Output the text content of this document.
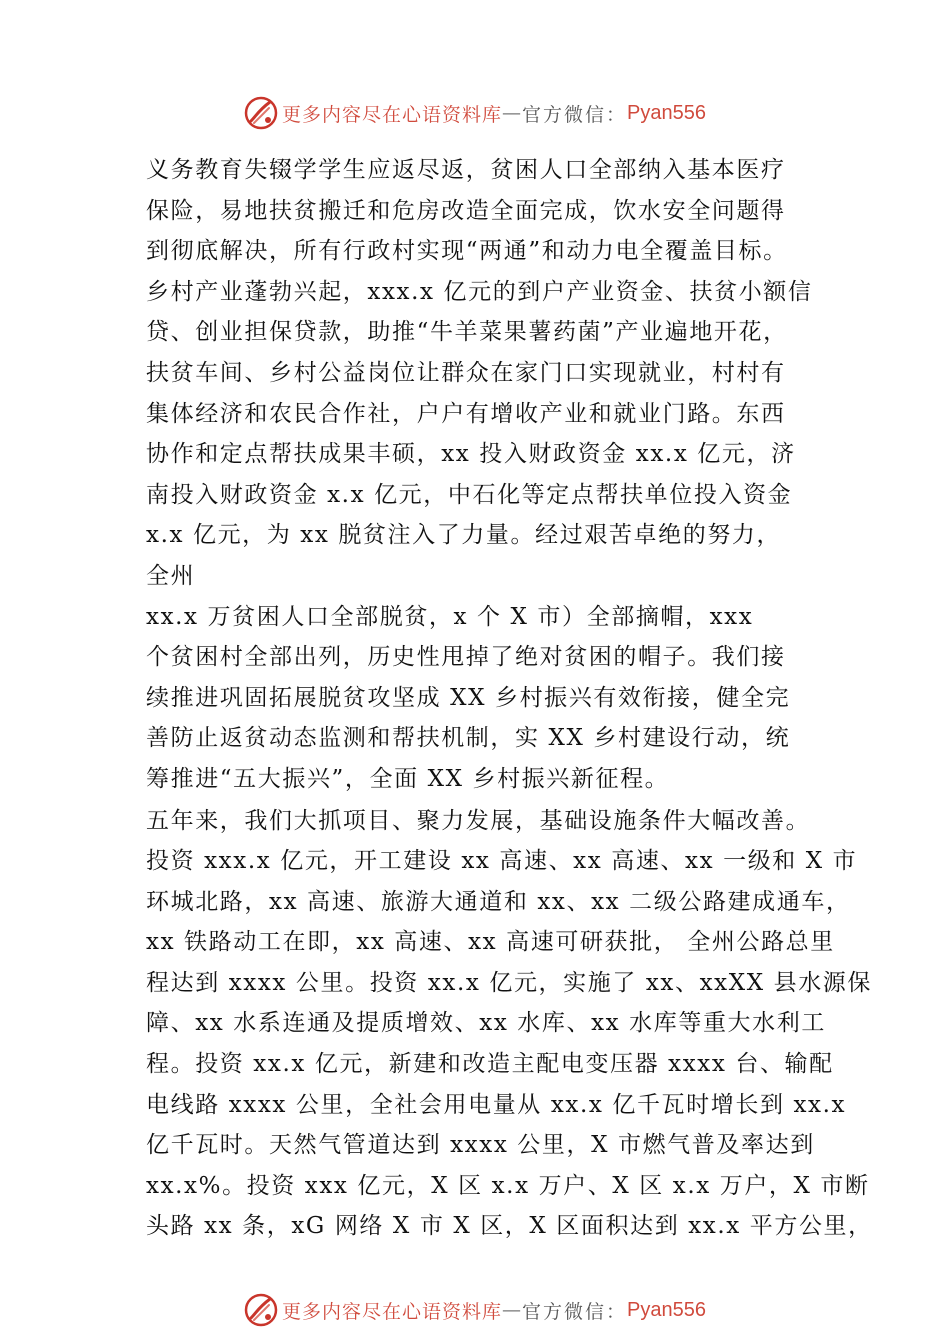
更多内容尽在心语资料库 — 官方微信： Pyan556
义务教育失辍学学生应返尽返，贫困人口全部纳入基本医疗
保险，易地扶贫搬迁和危房改造全面完成，饮水安全问题得
到彻底解决，所有行政村实现“两通”和动力电全覆盖目标。
乡村产业蓬勃兴起，xxx.x 亿元的到户产业资金、扶贫小额信
贷、创业担保贷款，助推“牛羊菜果薯药菌”产业遍地开花，
扶贫车间、乡村公益岗位让群众在家门口实现就业，村村有
集体经济和农民合作社，户户有增收产业和就业门路。东西
协作和定点帮扶成果丰硕，xx 投入财政资金 xx.x 亿元，济
南投入财政资金 x.x 亿元，中石化等定点帮扶单位投入资金
x.x 亿元，为 xx 脱贫注入了力量。经过艰苦卓绝的努力，
全州
xx.x 万贫困人口全部脱贫，x 个 X 市）全部摘帽，xxx
个贫困村全部出列，历史性甩掉了绝对贫困的帽子。我们接
续推进巩固拓展脱贫攻坚成 XX 乡村振兴有效衔接，健全完
善防止返贫动态监测和帮扶机制，实 XX 乡村建设行动，统
筹推进“五大振兴”，全面 XX 乡村振兴新征程。
五年来，我们大抓项目、聚力发展，基础设施条件大幅改善。
投资 xxx.x 亿元，开工建设 xx 高速、xx 高速、xx 一级和 X 市
环城北路，xx 高速、旅游大通道和 xx、xx 二级公路建成通车，
xx 铁路动工在即，xx 高速、xx 高速可研获批， 全州公路总里
程达到 xxxx 公里。投资 xx.x 亿元，实施了 xx、xxXX 县水源保
障、xx 水系连通及提质增效、xx 水库、xx 水库等重大水利工
程。投资 xx.x 亿元，新建和改造主配电变压器 xxxx 台、输配
电线路 xxxx 公里，全社会用电量从 xx.x 亿千瓦时增长到 xx.x
亿千瓦时。天然气管道达到 xxxx 公里，X 市燃气普及率达到
xx.x%。投资 xxx 亿元，X 区 x.x 万户、X 区 x.x 万户，X 市断
头路 xx 条，xG 网络 X 市 X 区，X 区面积达到 xx.x 平方公里，
更多内容尽在心语资料库 — 官方微信： Pyan556
